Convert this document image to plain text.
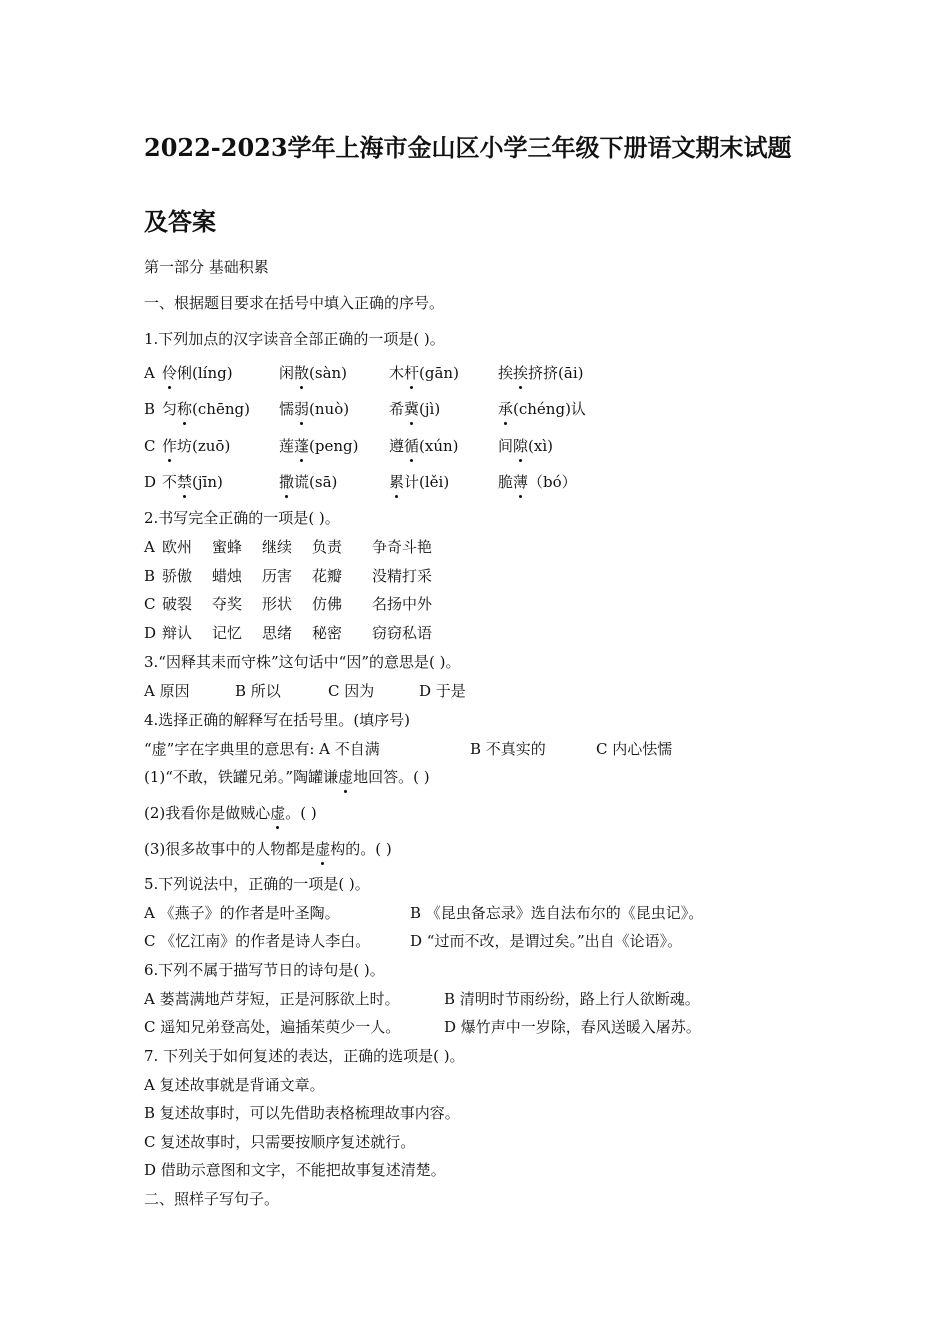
2022-2023学年上海市金山区小学三年级下册语文期末试题
及答案
第一部分 基础积累
一、根据题目要求在括号中填入正确的序号。
1.下列加点的汉字读音全部正确的一项是( )。
A 伶俐(líng)	闲散(sàn)	木杆(gān)	挨挨挤挤(āi)
B 匀称(chēng) 懦弱(nuò)	希冀(jì)	承(chéng)认
C 作坊(zuō)	莲蓬(peng) 遵循(xún)	间隙(xì)
D 不禁(jīn)	撒谎(sā)	累计(lěi)	脆薄（bó）
2.书写完全正确的一项是( )。
A 欧州 蜜蜂 继续 负责 争奇斗艳
B 骄傲 蜡烛 历害 花瓣 没精打采
C 破裂 夺奖 形状 仿佛 名扬中外
D 辩认 记忆 思绪 秘密 窃窃私语
3.“因释其耒而守株”这句话中“因”的意思是( )。
A 原因	B 所以	C 因为	D 于是
4.选择正确的解释写在括号里。(填序号)
“虚”字在字典里的意思有: A 不自满	B 不真实的	C 内心怯懦
(1)“不敢，铁罐兄弟。”陶罐谦虚地回答。( )
(2)我看你是做贼心虚。( )
(3)很多故事中的人物都是虚构的。( )
5.下列说法中，正确的一项是( )。
A 《燕子》的作者是叶圣陶。	B 《昆虫备忘录》选自法布尔的《昆虫记》。
C 《忆江南》的作者是诗人李白。	D “过而不改，是谓过矣。”出自《论语》。
6.下列不属于描写节日的诗句是( )。
A 蒌蒿满地芦芽短，正是河豚欲上时。	B 清明时节雨纷纷，路上行人欲断魂。
C 遥知兄弟登高处，遍插茱萸少一人。	D 爆竹声中一岁除，春风送暖入屠苏。
7. 下列关于如何复述的表达，正确的选项是( )。
A 复述故事就是背诵文章。
B 复述故事时，可以先借助表格梳理故事内容。
C 复述故事时，只需要按顺序复述就行。
D 借助示意图和文字，不能把故事复述清楚。
二、照样子写句子。
